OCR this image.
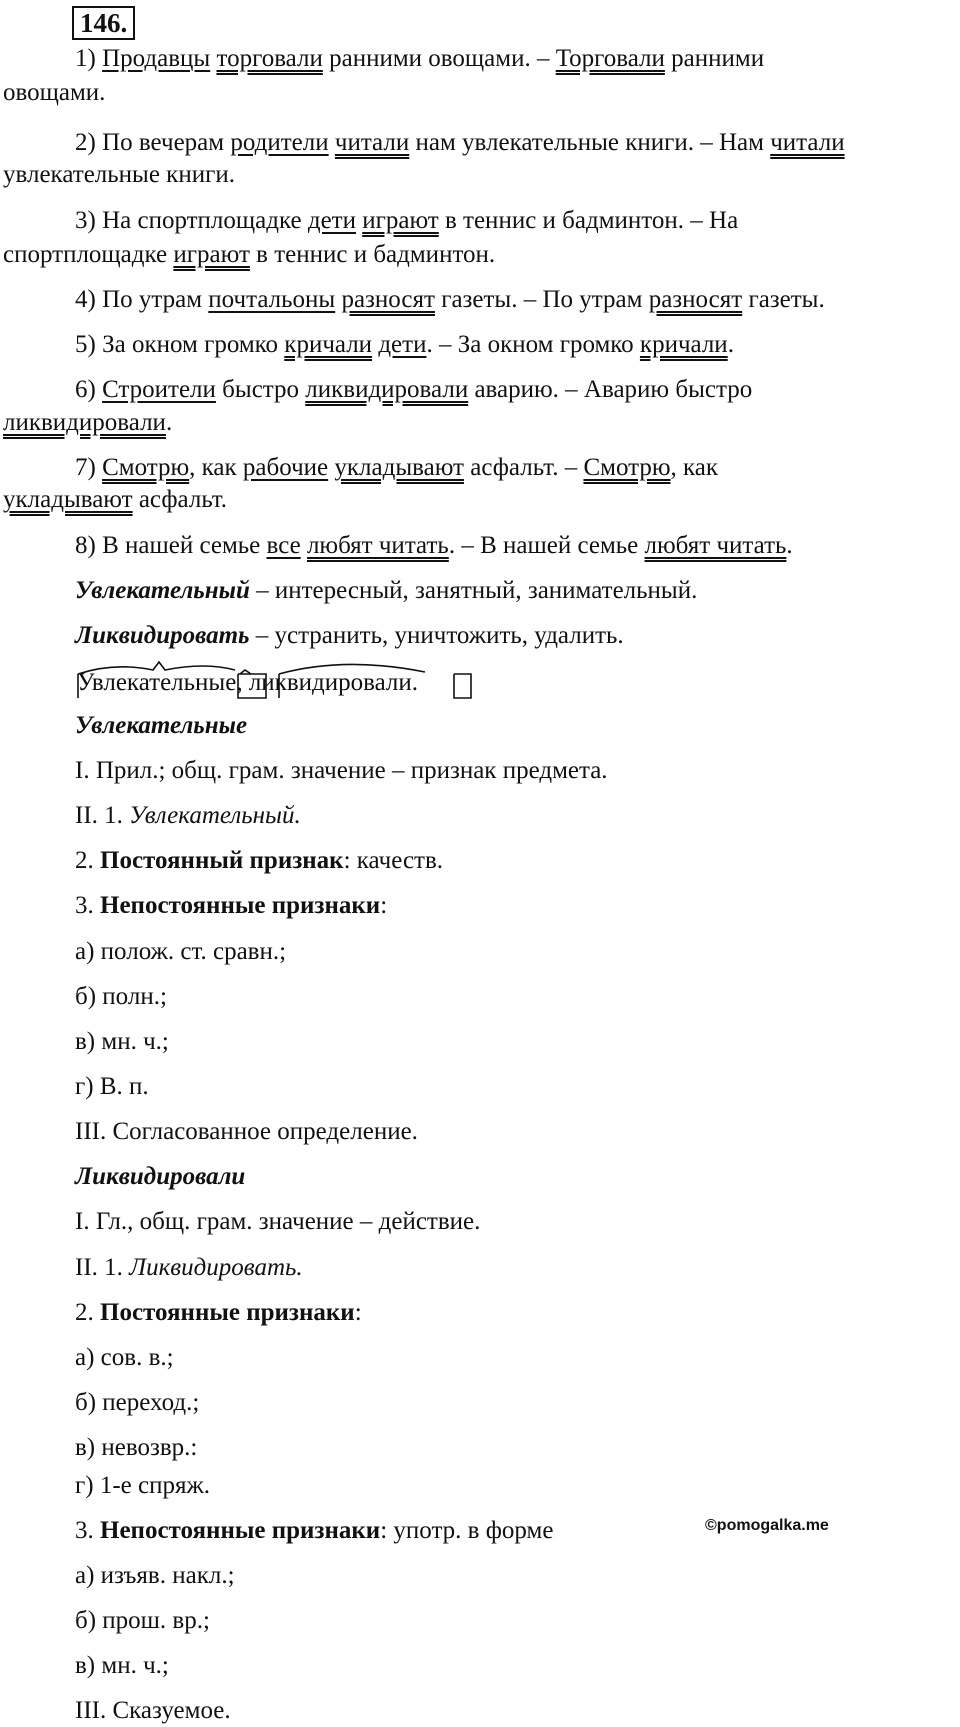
146.
1) Продавцы торговали ранними овощами. – Торговали ранними
овощами.
2) По вечерам родители читали нам увлекательные книги. – Нам читали
увлекательные книги.
3) На спортплощадке дети играют в теннис и бадминтон. – На
спортплощадке играют в теннис и бадминтон.
4) По утрам почтальоны разносят газеты. – По утрам разносят газеты.
5) За окном громко кричали дети. – За окном громко кричали.
6) Строители быстро ликвидировали аварию. – Аварию быстро
ликвидировали.
7) Смотрю, как рабочие укладывают асфальт. – Смотрю, как
укладывают асфальт.
8) В нашей семье все любят читать. – В нашей семье любят читать.
Увлекательный – интересный, занятный, занимательный.
Ликвидировать – устранить, уничтожить, удалить.
Увлекательные, ликвидировали.
Увлекательные
I. Прил.; общ. грам. значение – признак предмета.
II. 1. Увлекательный.
2. Постоянный признак: качеств.
3. Непостоянные признаки:
а) полож. ст. сравн.;
б) полн.;
в) мн. ч.;
г) В. п.
III. Согласованное определение.
Ликвидировали
I. Гл., общ. грам. значение – действие.
II. 1. Ликвидировать.
2. Постоянные признаки:
а) сов. в.;
б) переход.;
в) невозвр.:
г) 1-е спряж.
3. Непостоянные признаки: употр. в форме
а) изъяв. накл.;
б) прош. вр.;
в) мн. ч.;
III. Сказуемое.
©pomogalka.me
